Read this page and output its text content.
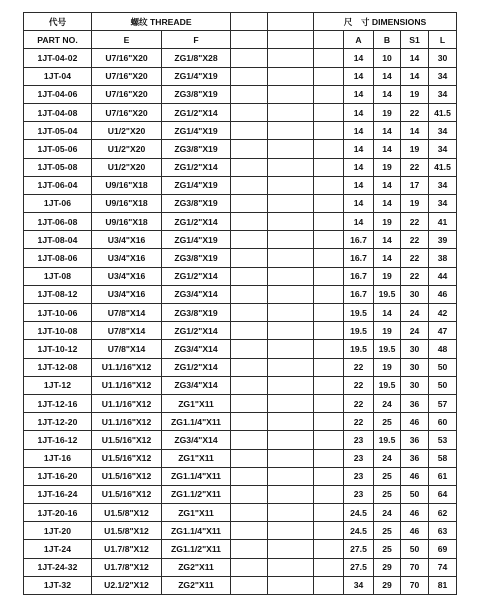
代号	螺纹 THREADE				尺　寸 DIMENSIONS				
PART NO.	E	F				A	B	S1	L
1JT-04-02	U7/16"X20	ZG1/8"X28				14	10	14	30
1JT-04	U7/16"X20	ZG1/4"X19				14	14	14	34
1JT-04-06	U7/16"X20	ZG3/8"X19				14	14	19	34
1JT-04-08	U7/16"X20	ZG1/2"X14				14	19	22	41.5
1JT-05-04	U1/2"X20	ZG1/4"X19				14	14	14	34
1JT-05-06	U1/2"X20	ZG3/8"X19				14	14	19	34
1JT-05-08	U1/2"X20	ZG1/2"X14				14	19	22	41.5
1JT-06-04	U9/16"X18	ZG1/4"X19				14	14	17	34
1JT-06	U9/16"X18	ZG3/8"X19				14	14	19	34
1JT-06-08	U9/16"X18	ZG1/2"X14				14	19	22	41
1JT-08-04	U3/4"X16	ZG1/4"X19				16.7	14	22	39
1JT-08-06	U3/4"X16	ZG3/8"X19				16.7	14	22	38
1JT-08	U3/4"X16	ZG1/2"X14				16.7	19	22	44
1JT-08-12	U3/4"X16	ZG3/4"X14				16.7	19.5	30	46
1JT-10-06	U7/8"X14	ZG3/8"X19				19.5	14	24	42
1JT-10-08	U7/8"X14	ZG1/2"X14				19.5	19	24	47
1JT-10-12	U7/8"X14	ZG3/4"X14				19.5	19.5	30	48
1JT-12-08	U1.1/16"X12	ZG1/2"X14				22	19	30	50
1JT-12	U1.1/16"X12	ZG3/4"X14				22	19.5	30	50
1JT-12-16	U1.1/16"X12	ZG1"X11				22	24	36	57
1JT-12-20	U1.1/16"X12	ZG1.1/4"X11				22	25	46	60
1JT-16-12	U1.5/16"X12	ZG3/4"X14				23	19.5	36	53
1JT-16	U1.5/16"X12	ZG1"X11				23	24	36	58
1JT-16-20	U1.5/16"X12	ZG1.1/4"X11				23	25	46	61
1JT-16-24	U1.5/16"X12	ZG1.1/2"X11				23	25	50	64
1JT-20-16	U1.5/8"X12	ZG1"X11				24.5	24	46	62
1JT-20	U1.5/8"X12	ZG1.1/4"X11				24.5	25	46	63
1JT-24	U1.7/8"X12	ZG1.1/2"X11				27.5	25	50	69
1JT-24-32	U1.7/8"X12	ZG2"X11				27.5	29	70	74
1JT-32	U2.1/2"X12	ZG2"X11				34	29	70	81
